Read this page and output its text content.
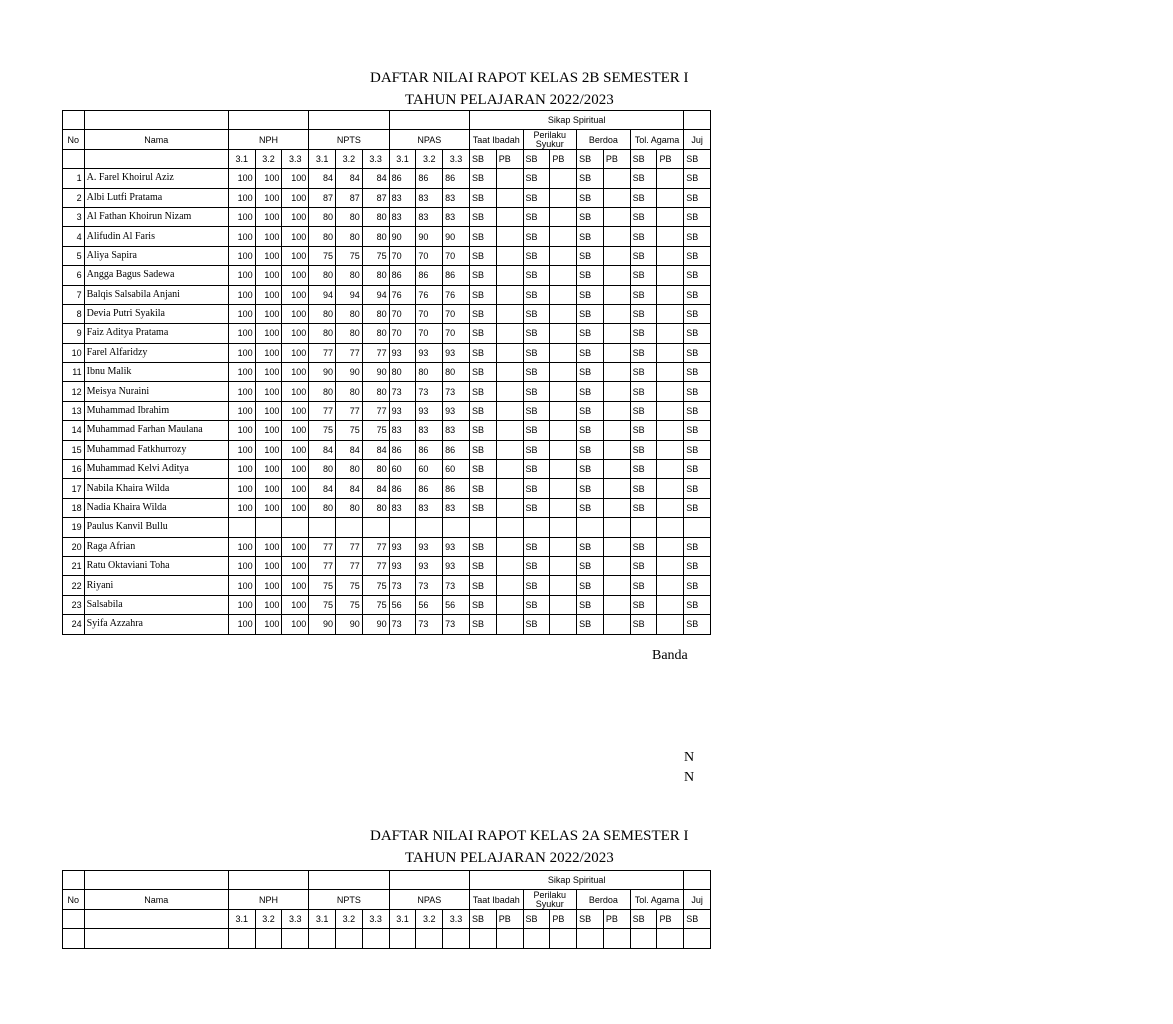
DAFTAR NILAI RAPOT KELAS 2B SEMESTER I
TAHUN PELAJARAN 2022/2023
											Sikap Spiritual								
No	Nama	NPH			NPTS			NPAS			Taat Ibadah		Perilaku Syukur		Berdoa		Tol. Agama		Juj
		3.1	3.2	3.3	3.1	3.2	3.3	3.1	3.2	3.3	SB	PB	SB	PB	SB	PB	SB	PB	SB
1	A. Farel Khoirul Aziz	100	100	100	84	84	84	86	86	86	SB		SB		SB		SB		SB
2	Albi Lutfi Pratama	100	100	100	87	87	87	83	83	83	SB		SB		SB		SB		SB
3	Al Fathan Khoirun Nizam	100	100	100	80	80	80	83	83	83	SB		SB		SB		SB		SB
4	Alifudin Al Faris	100	100	100	80	80	80	90	90	90	SB		SB		SB		SB		SB
5	Aliya Sapira	100	100	100	75	75	75	70	70	70	SB		SB		SB		SB		SB
6	Angga Bagus Sadewa	100	100	100	80	80	80	86	86	86	SB		SB		SB		SB		SB
7	Balqis Salsabila Anjani	100	100	100	94	94	94	76	76	76	SB		SB		SB		SB		SB
8	Devia Putri Syakila	100	100	100	80	80	80	70	70	70	SB		SB		SB		SB		SB
9	Faiz Aditya Pratama	100	100	100	80	80	80	70	70	70	SB		SB		SB		SB		SB
10	Farel Alfaridzy	100	100	100	77	77	77	93	93	93	SB		SB		SB		SB		SB
11	Ibnu Malik	100	100	100	90	90	90	80	80	80	SB		SB		SB		SB		SB
12	Meisya Nuraini	100	100	100	80	80	80	73	73	73	SB		SB		SB		SB		SB
13	Muhammad Ibrahim	100	100	100	77	77	77	93	93	93	SB		SB		SB		SB		SB
14	Muhammad Farhan Maulana	100	100	100	75	75	75	83	83	83	SB		SB		SB		SB		SB
15	Muhammad Fatkhurrozy	100	100	100	84	84	84	86	86	86	SB		SB		SB		SB		SB
16	Muhammad Kelvi Aditya	100	100	100	80	80	80	60	60	60	SB		SB		SB		SB		SB
17	Nabila Khaira Wilda	100	100	100	84	84	84	86	86	86	SB		SB		SB		SB		SB
18	Nadia Khaira Wilda	100	100	100	80	80	80	83	83	83	SB		SB		SB		SB		SB
19	Paulus Kanvil Bullu																		
20	Raga Afrian	100	100	100	77	77	77	93	93	93	SB		SB		SB		SB		SB
21	Ratu Oktaviani Toha	100	100	100	77	77	77	93	93	93	SB		SB		SB		SB		SB
22	Riyani	100	100	100	75	75	75	73	73	73	SB		SB		SB		SB		SB
23	Salsabila	100	100	100	75	75	75	56	56	56	SB		SB		SB		SB		SB
24	Syifa Azzahra	100	100	100	90	90	90	73	73	73	SB		SB		SB		SB		SB
Banda
N
N
DAFTAR NILAI RAPOT KELAS 2A SEMESTER I
TAHUN PELAJARAN 2022/2023
											Sikap Spiritual								
No	Nama	NPH			NPTS			NPAS			Taat Ibadah		Perilaku Syukur		Berdoa		Tol. Agama		Juj
		3.1	3.2	3.3	3.1	3.2	3.3	3.1	3.2	3.3	SB	PB	SB	PB	SB	PB	SB	PB	SB
